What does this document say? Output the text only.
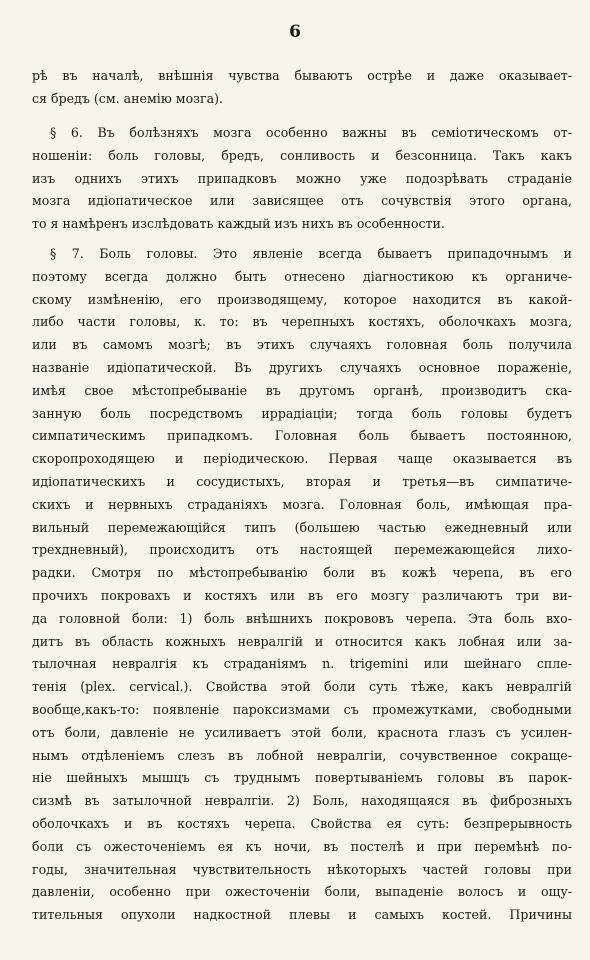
6
рѣ въ началѣ, внѣшнія чувства бываютъ острѣе и даже оказывает-
ся бредъ (см. анемію мозга).
§ 6. Въ болѣзняхъ мозга особенно важны въ семіотическомъ от-
ношеніи: боль головы, бредъ, сонливость и безсонница. Такъ какъ
изъ однихъ этихъ припадковъ можно уже подозрѣвать страданіе
мозга идіопатическое или зависящее отъ сочувствія этого органа,
то я намѣренъ изслѣдовать каждый изъ нихъ въ особенности.
§ 7. Боль головы. Это явленіе всегда бываетъ припадочнымъ и
поэтому всегда должно быть отнесено діагностикою къ органиче-
скому измѣненію, его производящему, которое находится въ какой-
либо части головы, к. то: въ черепныхъ костяхъ, оболочкахъ мозга,
или въ самомъ мозгѣ; въ этихъ случаяхъ головная боль получила
названіе идіопатической. Въ другихъ случаяхъ основное пораженіе,
имѣя свое мѣстопребываніе въ другомъ органѣ, производитъ ска-
занную боль посредствомъ иррадіаціи; тогда боль головы будетъ
симпатическимъ припадкомъ. Головная боль бываетъ постоянною,
скоропроходящею и періодическою. Первая чаще оказывается въ
идіопатическихъ и сосудистыхъ, вторая и третья—въ симпатиче-
скихъ и нервныхъ страданіяхъ мозга. Головная боль, имѣющая пра-
вильный перемежающійся типъ (большею частью ежедневный или
трехдневный), происходитъ отъ настоящей перемежающейся лихо-
радки. Смотря по мѣстопребыванію боли въ кожѣ черепа, въ его
прочихъ покровахъ и костяхъ или въ его мозгу различаютъ три ви-
да головной боли: 1) боль внѣшнихъ покрововъ черепа. Эта боль вхо-
дитъ въ область кожныхъ невралгій и относится какъ лобная или за-
тылочная невралгія къ страданіямъ n. trigemini или шейнаго спле-
тенія (plex. cervical.). Свойства этой боли суть тѣже, какъ невралгій
вообще,какъ-то: появленіе пароксизмами съ промежутками, свободными
отъ боли, давленіе не усиливаетъ этой боли, краснота глазъ съ усилен-
нымъ отдѣленіемъ слезъ въ лобной невралгіи, сочувственное сокраще-
ніе шейныхъ мышцъ съ труднымъ повертываніемъ головы въ парок-
сизмѣ въ затылочной невралгіи. 2) Боль, находящаяся въ фиброзныхъ
оболочкахъ и въ костяхъ черепа. Свойства ея суть: безпрерывность
боли съ ожесточеніемъ ея къ ночи, въ постелѣ и при перемѣнѣ по-
годы, значительная чувствительность нѣкоторыхъ частей головы при
давленіи, особенно при ожесточеніи боли, выпаденіе волосъ и ощу-
тительныя опухоли надкостной плевы и самыхъ костей. Причины
